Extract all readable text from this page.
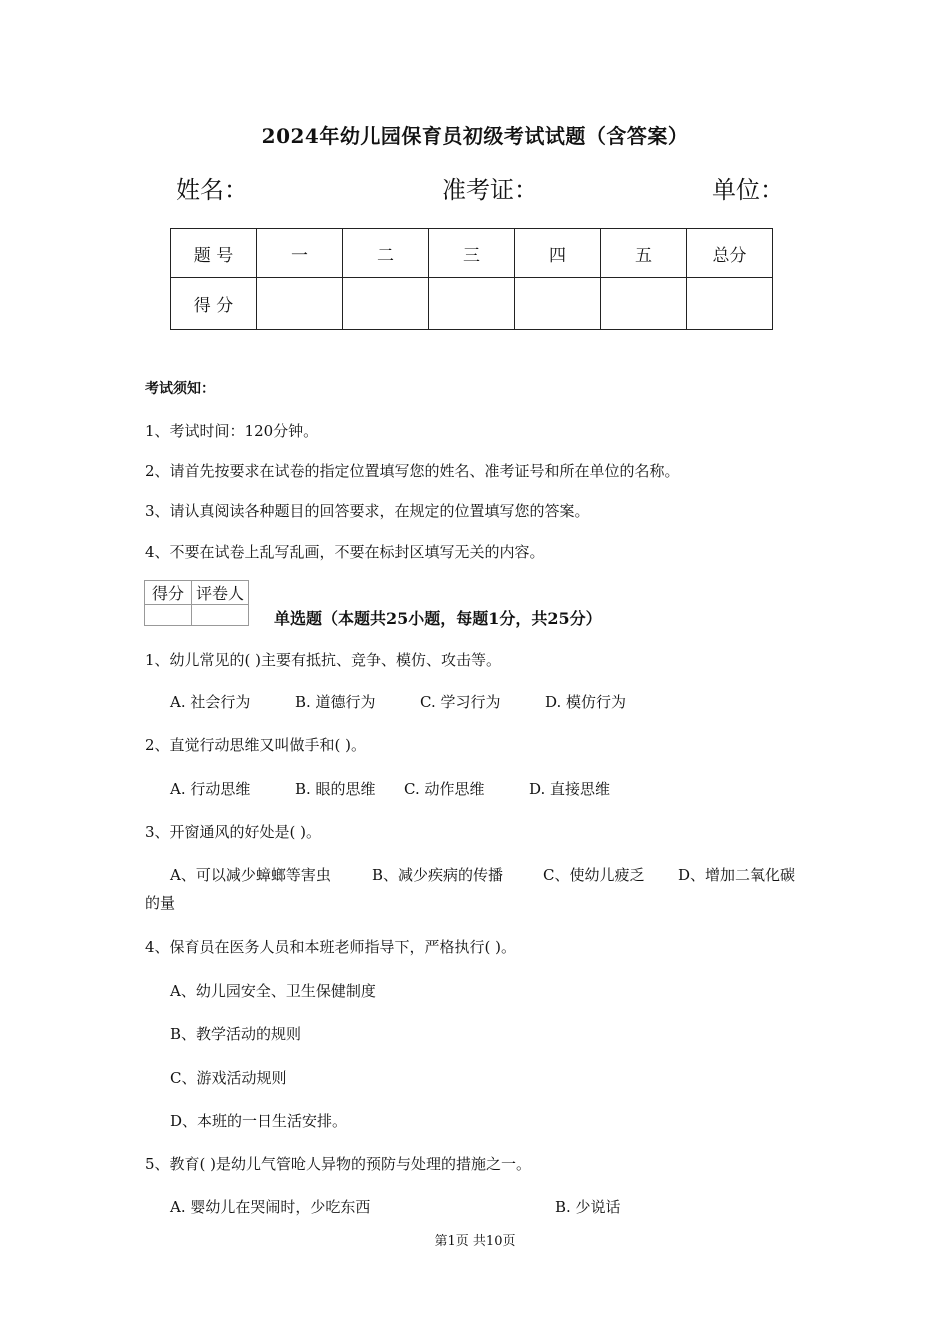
2024年幼儿园保育员初级考试试题（含答案）
姓名：	准考证：	单位：
题 号	一	二	三	四	五	总分
得 分						
考试须知：
1、考试时间：120分钟。
2、请首先按要求在试卷的指定位置填写您的姓名、准考证号和所在单位的名称。
3、请认真阅读各种题目的回答要求，在规定的位置填写您的答案。
4、不要在试卷上乱写乱画，不要在标封区填写无关的内容。
得分	评卷人

单选题（本题共25小题，每题1分，共25分）
1、幼儿常见的( )主要有抵抗、竞争、模仿、攻击等。
A. 社会行为	B. 道德行为	C. 学习行为	D. 模仿行为
2、直觉行动思维又叫做手和( )。
A. 行动思维	B. 眼的思维 C. 动作思维	D. 直接思维
3、开窗通风的好处是( )。
A、可以减少蟑螂等害虫	B、减少疾病的传播	C、使幼儿疲乏 D、增加二氧化碳
的量
4、保育员在医务人员和本班老师指导下，严格执行( )。
A、幼儿园安全、卫生保健制度
B、教学活动的规则
C、游戏活动规则
D、本班的一日生活安排。
5、教育( )是幼儿气管呛人异物的预防与处理的措施之一。
A. 婴幼儿在哭闹时，少吃东西	B. 少说话
第1页 共10页
